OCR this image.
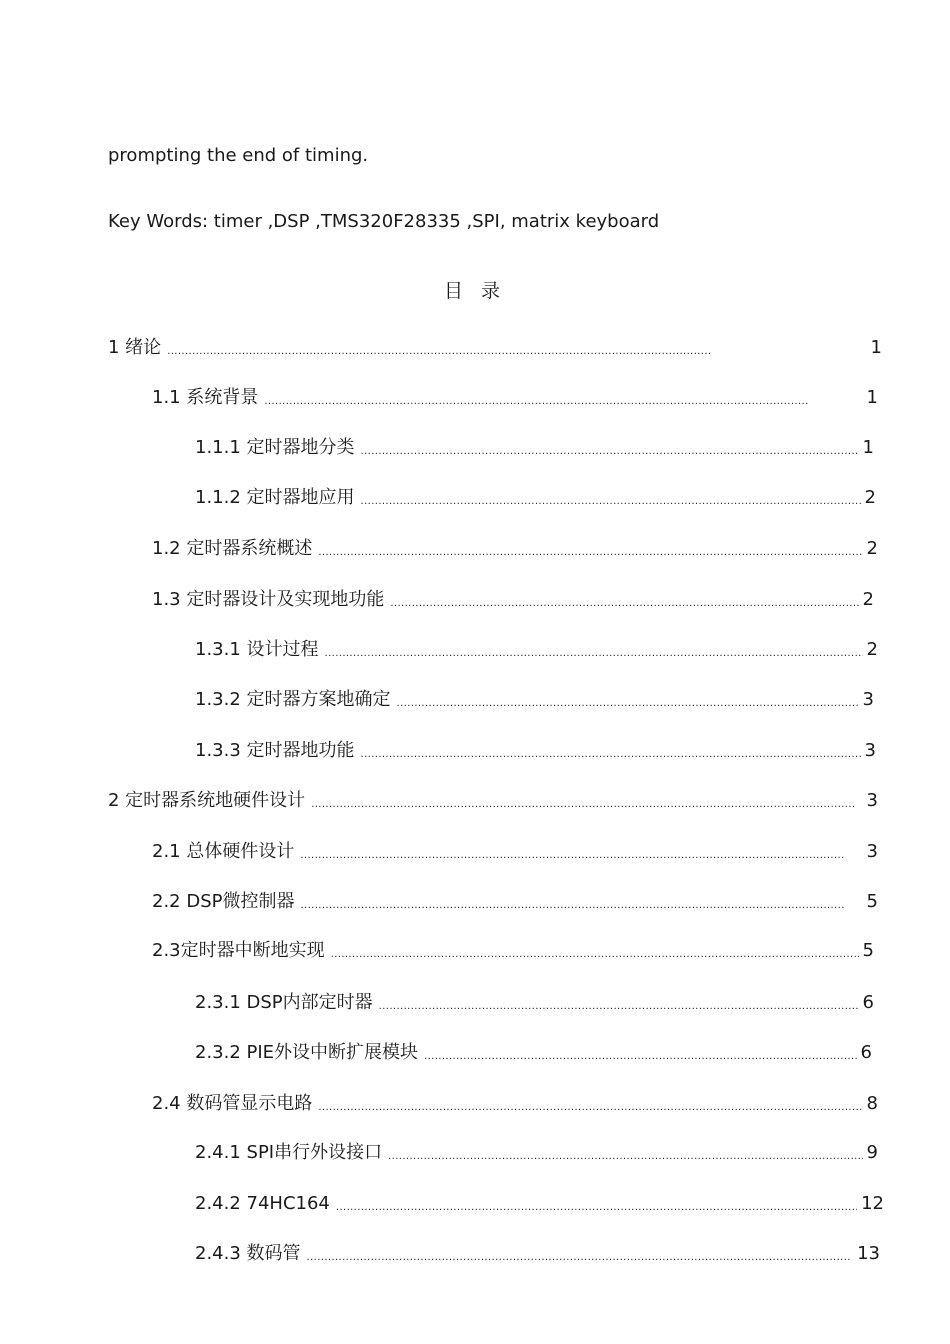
prompting the end of timing.
Key Words: timer ,DSP ,TMS320F28335 ,SPI, matrix keyboard
目 录
1 绪论 . . .	1
1.1 系统背景 . . .	1
1.1.1 定时器地分类 . . .	1
1.1.2 定时器地应用 . . .	2
1.2 定时器系统概述 . . .	2
1.3 定时器设计及实现地功能 . . .	2
1.3.1 设计过程 . . .	2
1.3.2 定时器方案地确定 . . .	3
1.3.3 定时器地功能 . . .	3
2 定时器系统地硬件设计 . . .	3
2.1 总体硬件设计 . . .	3
2.2 DSP微控制器 . . .	5
2.3定时器中断地实现 . . .	5
2.3.1 DSP内部定时器 . . .	6
2.3.2 PIE外设中断扩展模块 . . .	6
2.4 数码管显示电路 . . .	8
2.4.1 SPI串行外设接口 . . .	9
2.4.2 74HC164 . . .	12
2.4.3 数码管 . . .	13
